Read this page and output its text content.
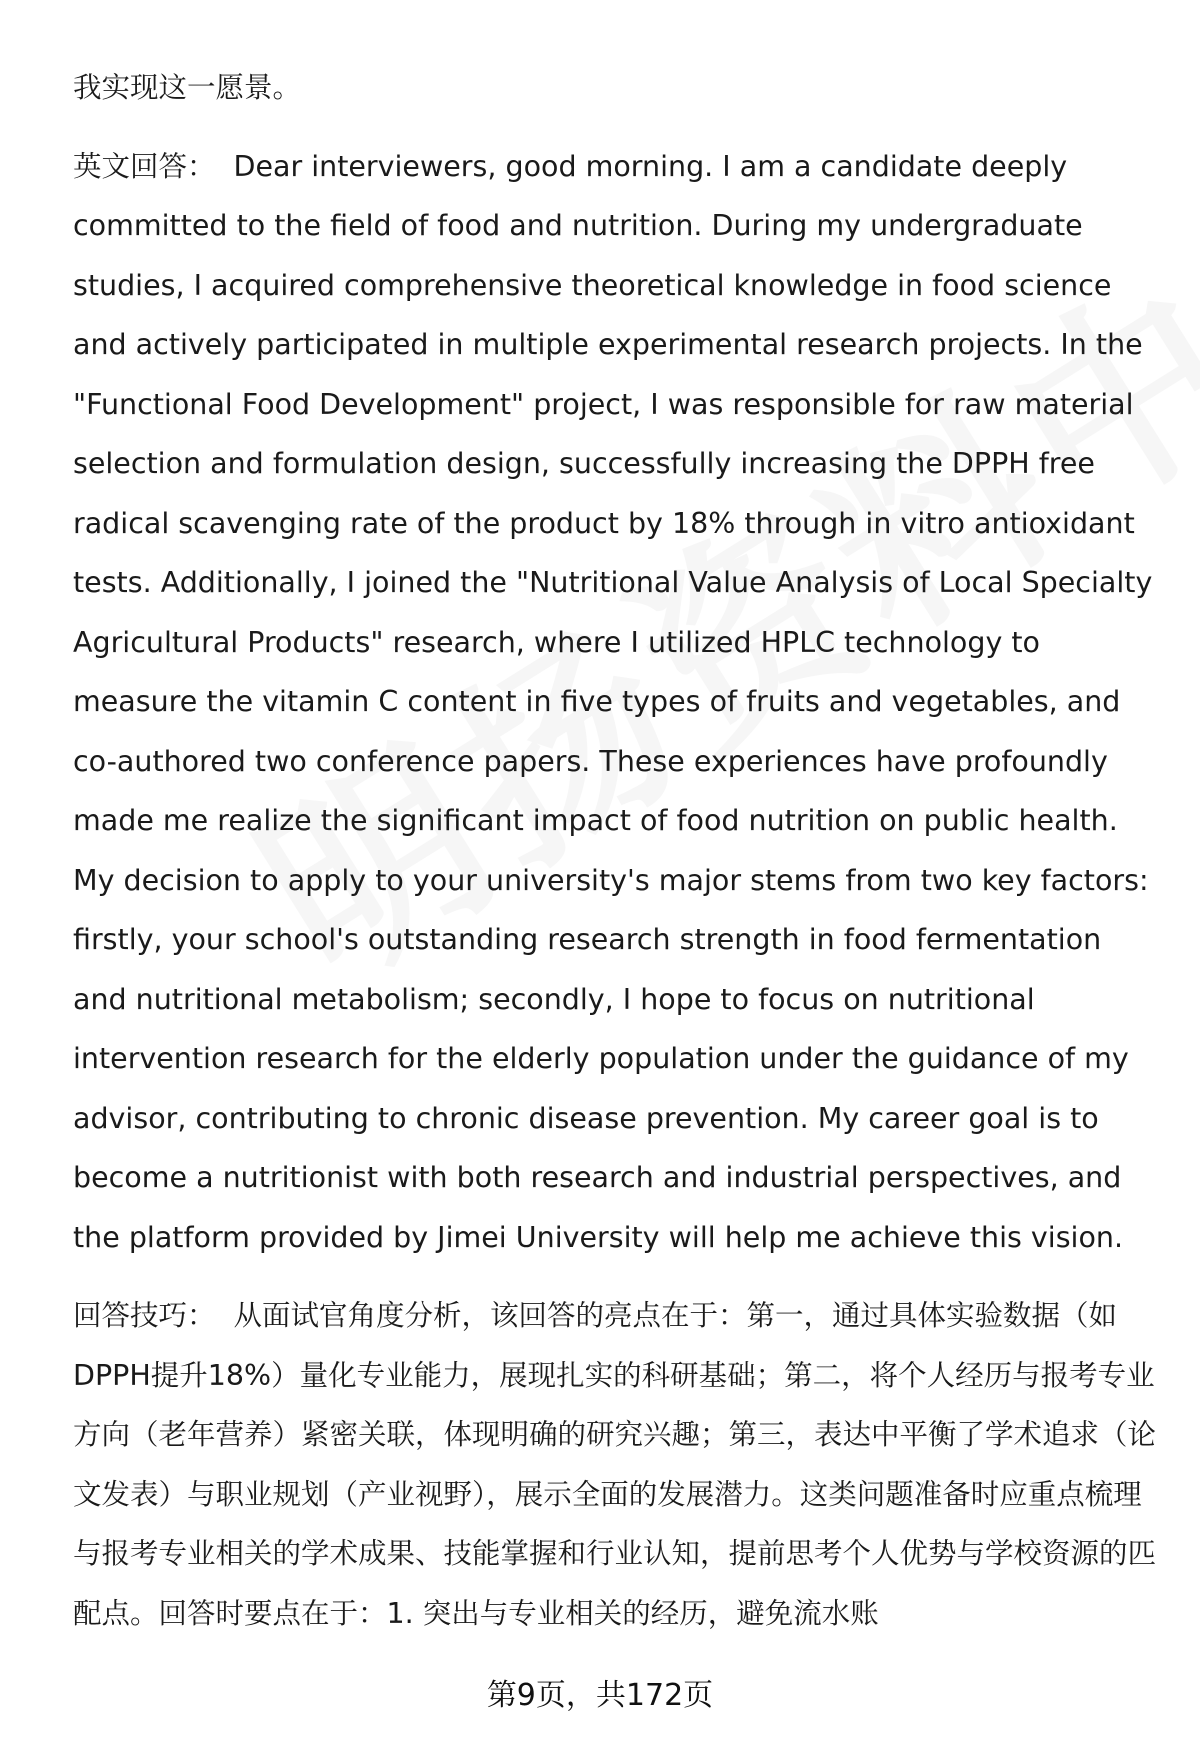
我实现这一愿景。

英文回答： Dear interviewers, good morning. I am a candidate deeply committed to the field of food and nutrition. During my undergraduate studies, I acquired comprehensive theoretical knowledge in food science and actively participated in multiple experimental research projects. In the "Functional Food Development" project, I was responsible for raw material selection and formulation design, successfully increasing the DPPH free radical scavenging rate of the product by 18% through in vitro antioxidant tests. Additionally, I joined the "Nutritional Value Analysis of Local Specialty Agricultural Products" research, where I utilized HPLC technology to measure the vitamin C content in five types of fruits and vegetables, and co-authored two conference papers. These experiences have profoundly made me realize the significant impact of food nutrition on public health. My decision to apply to your university's major stems from two key factors: firstly, your school's outstanding research strength in food fermentation and nutritional metabolism; secondly, I hope to focus on nutritional intervention research for the elderly population under the guidance of my advisor, contributing to chronic disease prevention. My career goal is to become a nutritionist with both research and industrial perspectives, and the platform provided by Jimei University will help me achieve this vision.

回答技巧： 从面试官角度分析，该回答的亮点在于：第一，通过具体实验数据（如DPPH提升18%）量化专业能力，展现扎实的科研基础；第二，将个人经历与报考专业方向（老年营养）紧密关联，体现明确的研究兴趣；第三，表达中平衡了学术追求（论文发表）与职业规划（产业视野），展示全面的发展潜力。这类问题准备时应重点梳理与报考专业相关的学术成果、技能掌握和行业认知，提前思考个人优势与学校资源的匹配点。回答时要点在于：1. 突出与专业相关的经历，避免流水账

第9页，共172页
